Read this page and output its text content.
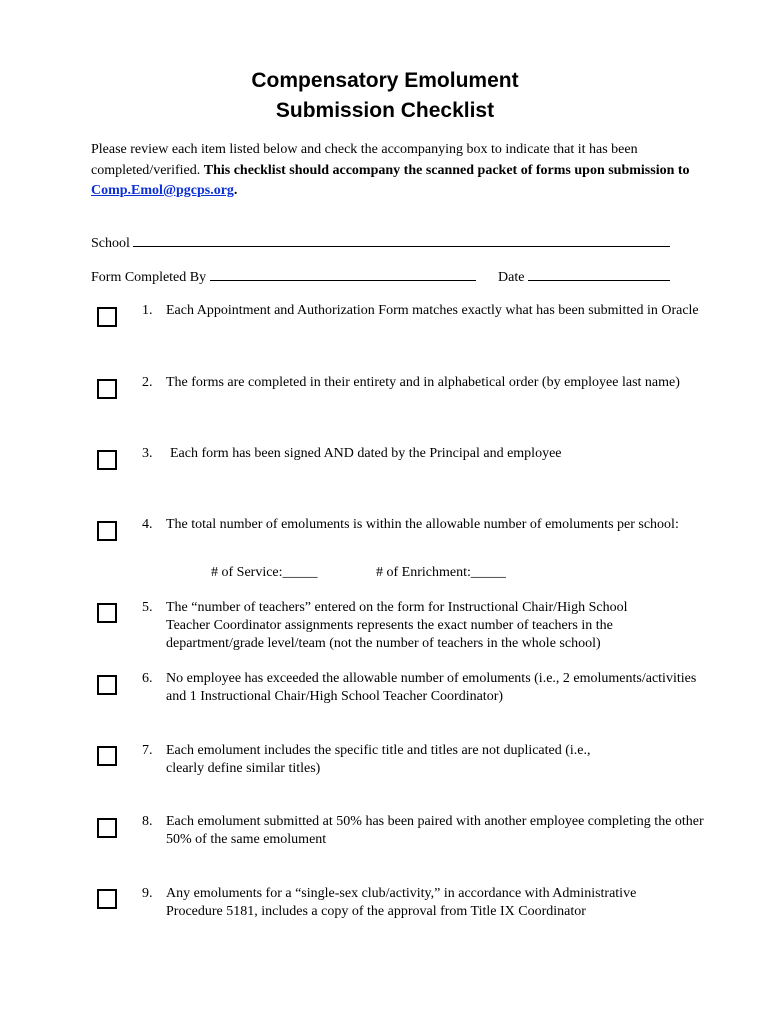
Compensatory Emolument
Submission Checklist
Please review each item listed below and check the accompanying box to indicate that it has been completed/verified. This checklist should accompany the scanned packet of forms upon submission to Comp.Emol@pgcps.org.
School
Form Completed By	Date
1. Each Appointment and Authorization Form matches exactly what has been submitted in Oracle
2. The forms are completed in their entirety and in alphabetical order (by employee last name)
3. Each form has been signed AND dated by the Principal and employee
4. The total number of emoluments is within the allowable number of emoluments per school:
# of Service:_____	# of Enrichment:_____
5. The “number of teachers” entered on the form for Instructional Chair/High School Teacher Coordinator assignments represents the exact number of teachers in the department/grade level/team (not the number of teachers in the whole school)
6. No employee has exceeded the allowable number of emoluments (i.e., 2 emoluments/activities and 1 Instructional Chair/High School Teacher Coordinator)
7. Each emolument includes the specific title and titles are not duplicated (i.e., clearly define similar titles)
8. Each emolument submitted at 50% has been paired with another employee completing the other 50% of the same emolument
9. Any emoluments for a “single-sex club/activity,” in accordance with Administrative Procedure 5181, includes a copy of the approval from Title IX Coordinator
